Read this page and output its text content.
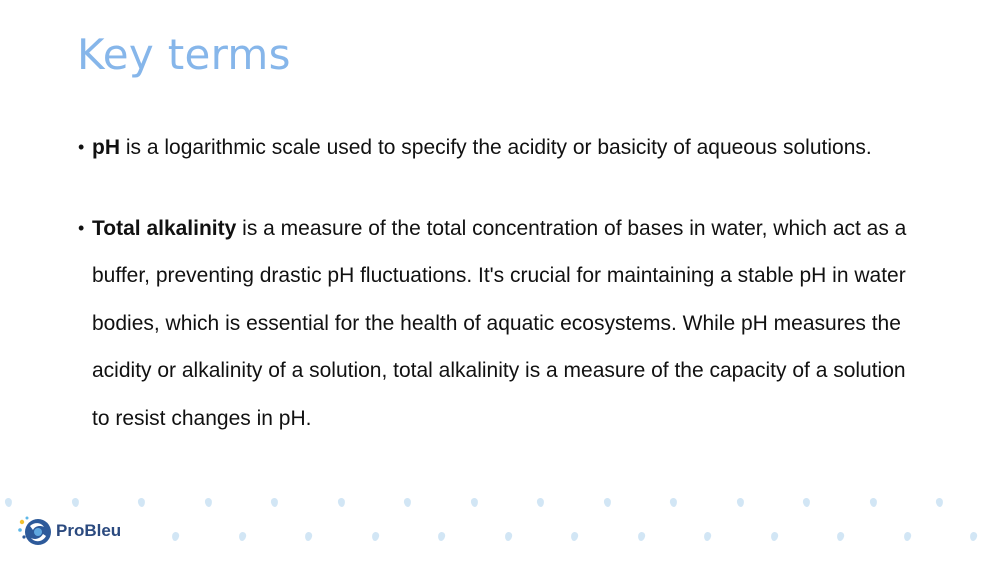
Key terms
• pH is a logarithmic scale used to specify the acidity or basicity of aqueous solutions.
• Total alkalinity is a measure of the total concentration of bases in water, which act as a buffer, preventing drastic pH fluctuations. It's crucial for maintaining a stable pH in water bodies, which is essential for the health of aquatic ecosystems. While pH measures the acidity or alkalinity of a solution, total alkalinity is a measure of the capacity of a solution to resist changes in pH.
ProBleu
